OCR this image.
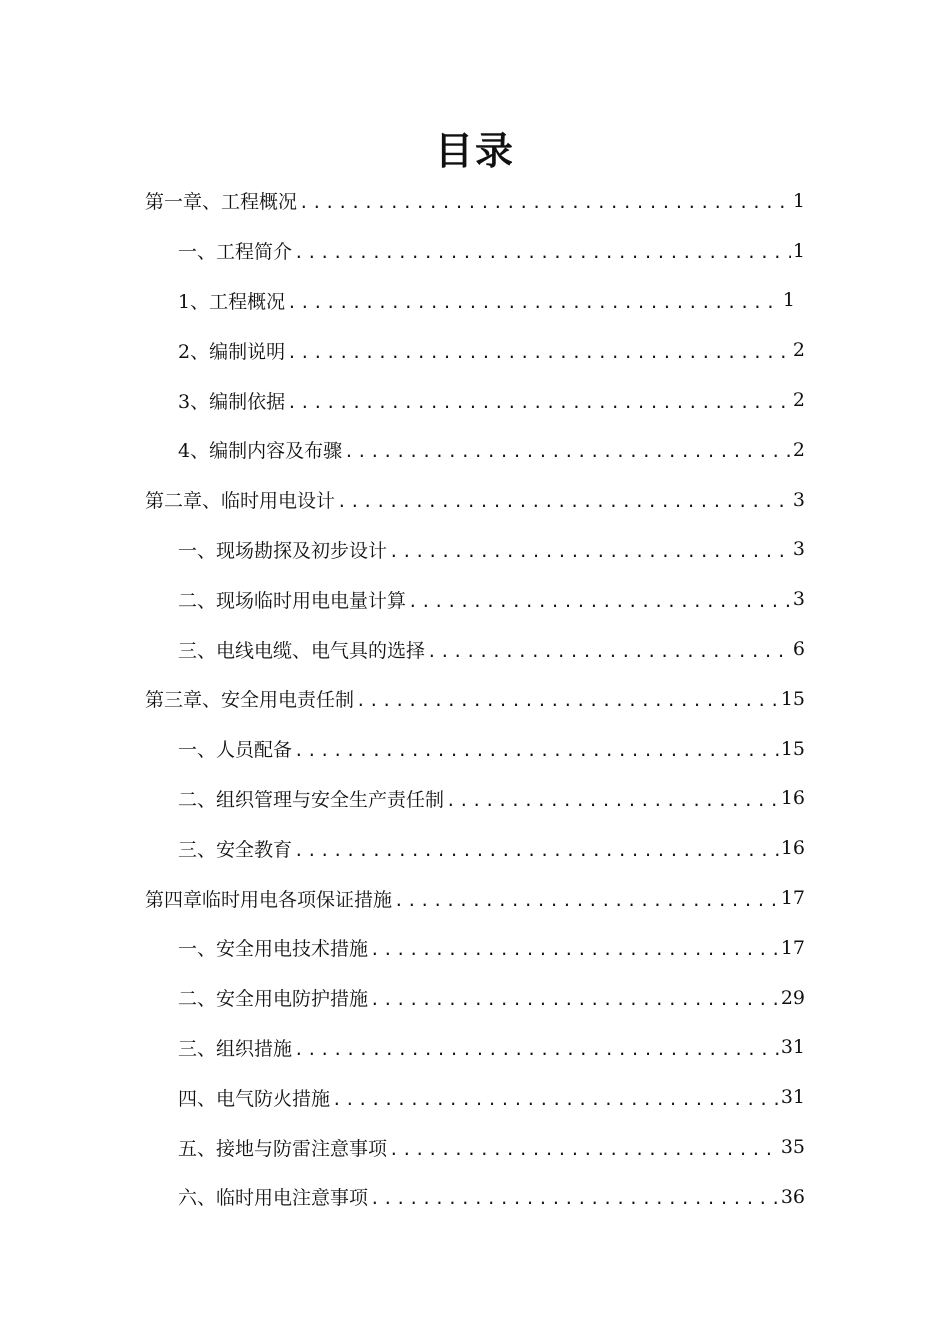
目录
第一章、工程概况 .....	1
一、工程简介 .....	1
1、工程概况 .....	1
2、编制说明 .....	2
3、编制依据 .....	2
4、编制内容及布骤 .....	2
第二章、临时用电设计 .....	3
一、现场勘探及初步设计 .....	3
二、现场临时用电电量计算 .....	3
三、电线电缆、电气具的选择 .....	6
第三章、安全用电责任制 .....	15
一、人员配备 .....	15
二、组织管理与安全生产责任制 .....	16
三、安全教育 .....	16
第四章临时用电各项保证措施 .....	17
一、安全用电技术措施 .....	17
二、安全用电防护措施 .....	29
三、组织措施 .....	31
四、电气防火措施 .....	31
五、接地与防雷注意事项 .....	35
六、临时用电注意事项 .....	36
